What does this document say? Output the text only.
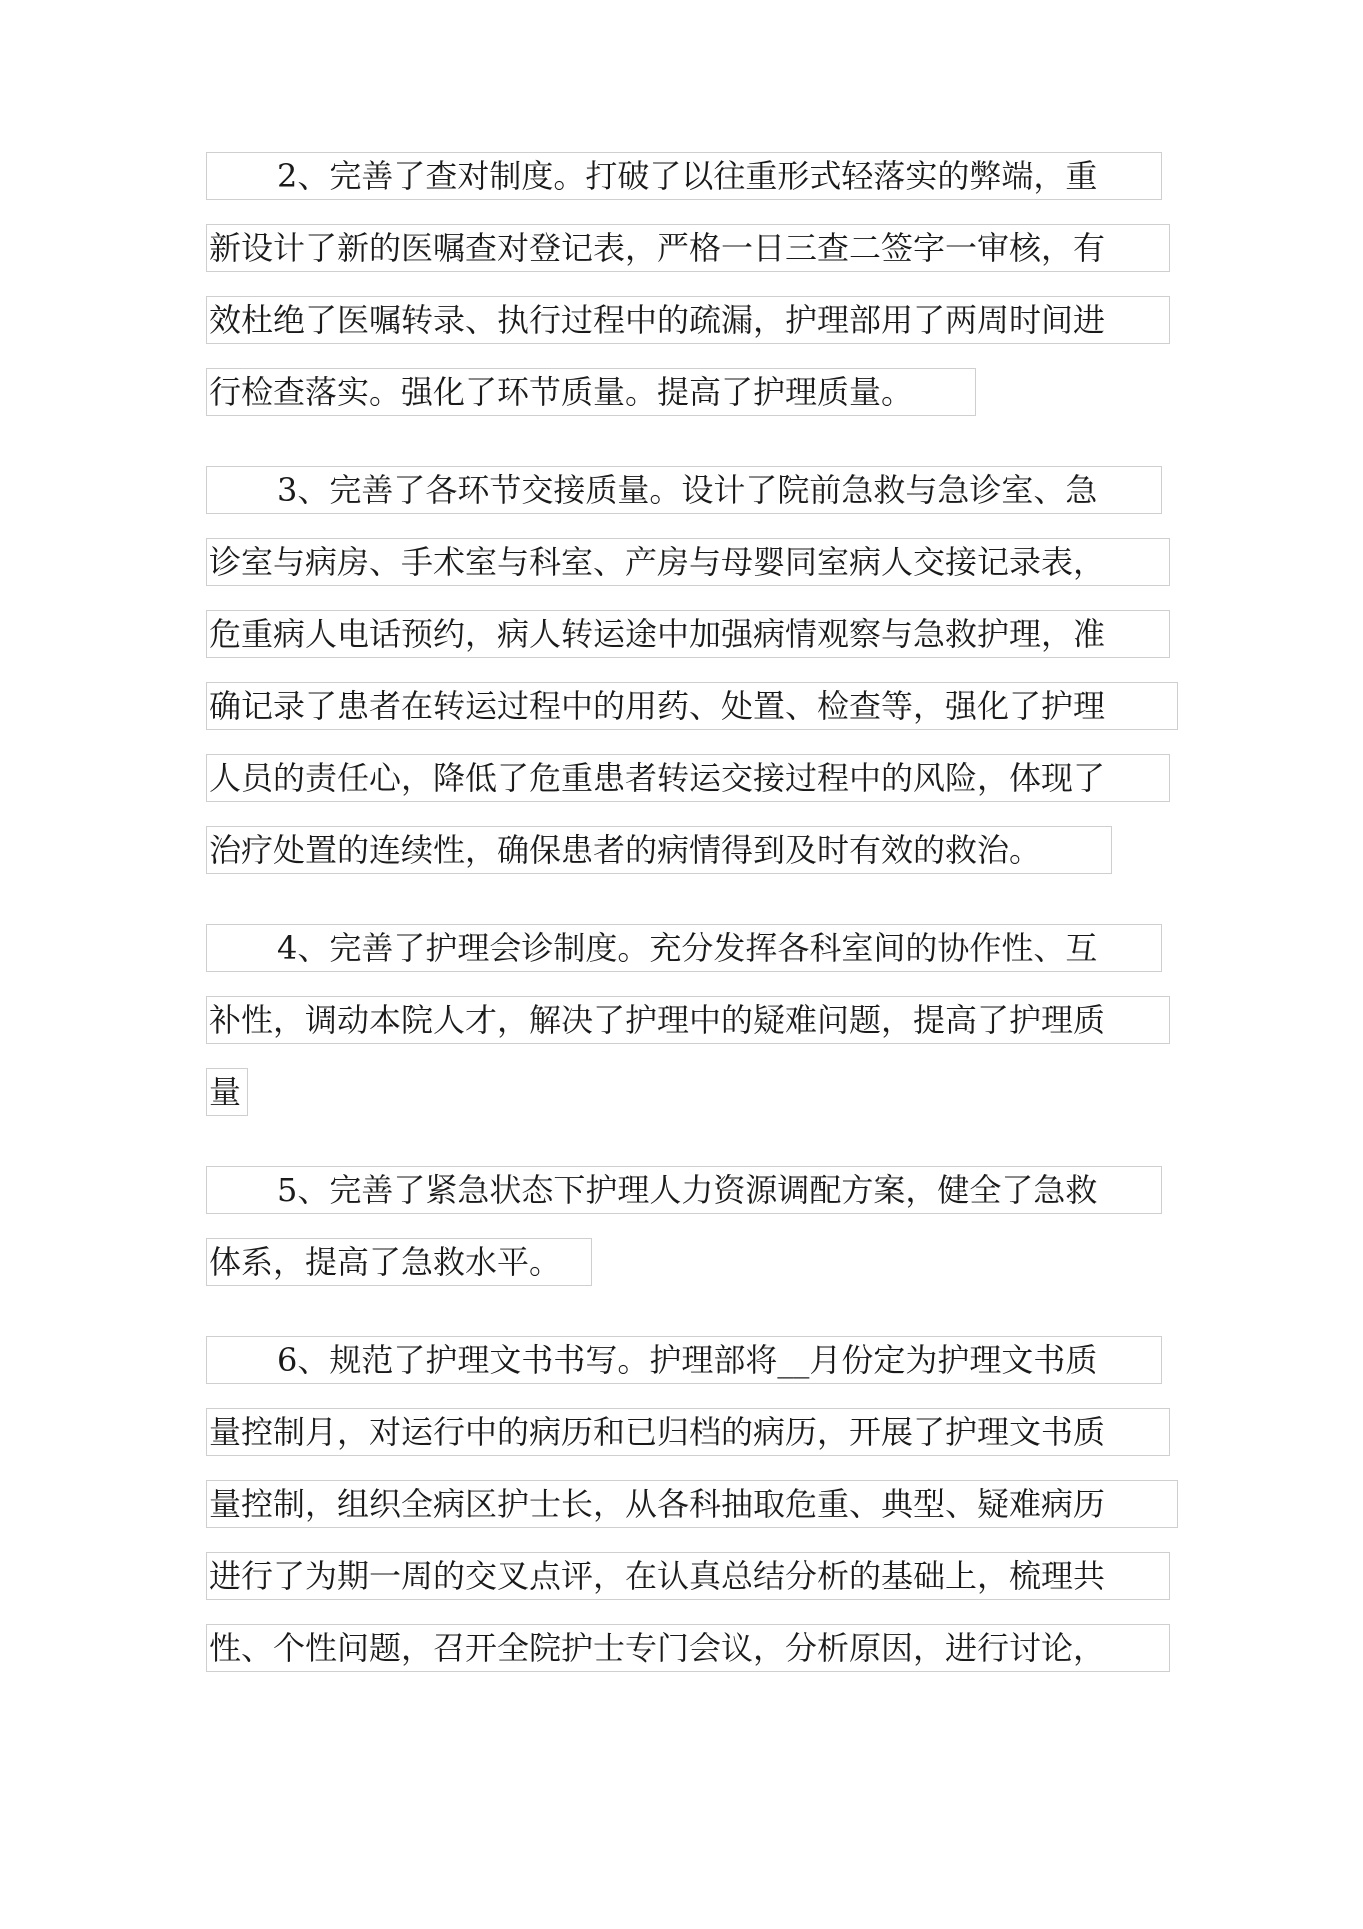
2、完善了查对制度。打破了以往重形式轻落实的弊端，重
新设计了新的医嘱查对登记表，严格一日三查二签字一审核，有
效杜绝了医嘱转录、执行过程中的疏漏，护理部用了两周时间进
行检查落实。强化了环节质量。提高了护理质量。
3、完善了各环节交接质量。设计了院前急救与急诊室、急
诊室与病房、手术室与科室、产房与母婴同室病人交接记录表，
危重病人电话预约，病人转运途中加强病情观察与急救护理，准
确记录了患者在转运过程中的用药、处置、检查等，强化了护理
人员的责任心，降低了危重患者转运交接过程中的风险，体现了
治疗处置的连续性，确保患者的病情得到及时有效的救治。
4、完善了护理会诊制度。充分发挥各科室间的协作性、互
补性，调动本院人才，解决了护理中的疑难问题，提高了护理质
量
5、完善了紧急状态下护理人力资源调配方案，健全了急救
体系，提高了急救水平。
6、规范了护理文书书写。护理部将__月份定为护理文书质
量控制月，对运行中的病历和已归档的病历，开展了护理文书质
量控制，组织全病区护士长，从各科抽取危重、典型、疑难病历
进行了为期一周的交叉点评，在认真总结分析的基础上，梳理共
性、个性问题，召开全院护士专门会议，分析原因，进行讨论，
